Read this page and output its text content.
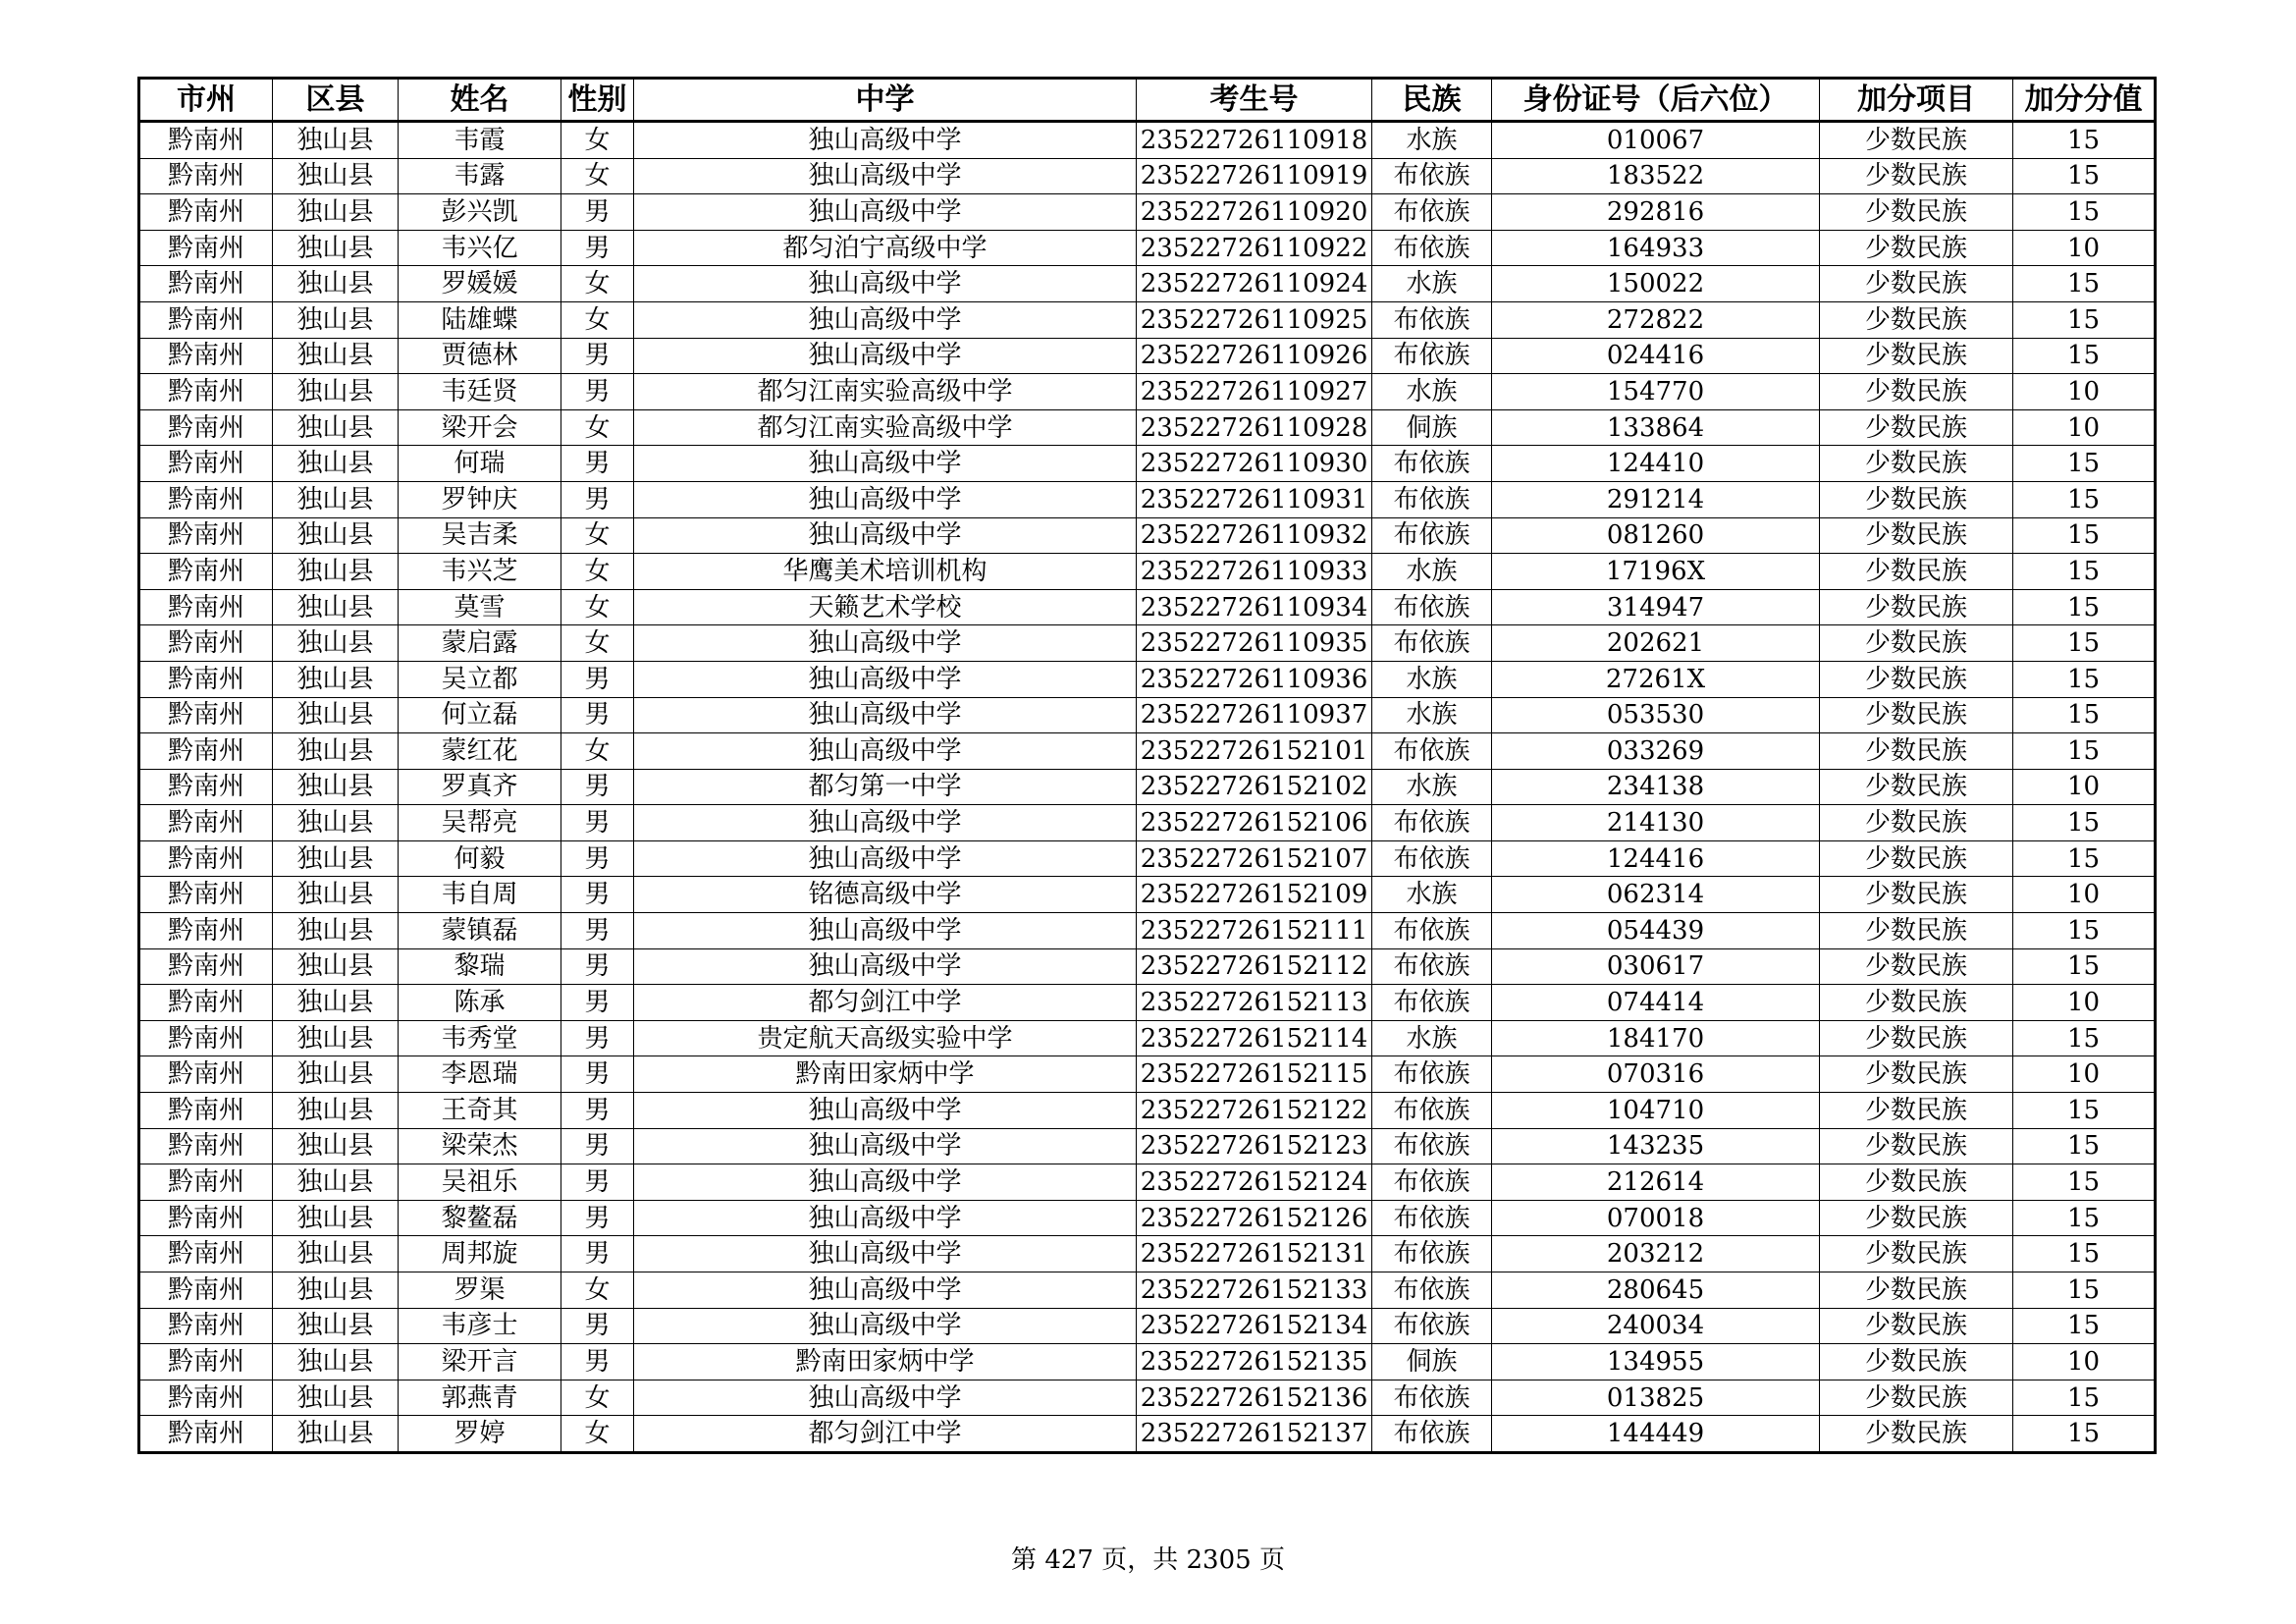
市州	区县	姓名	性别	中学	考生号	民族	身份证号（后六位）	加分项目	加分分值
黔南州	独山县	韦霞	女	独山高级中学	23522726110918	水族	010067	少数民族	15
黔南州	独山县	韦露	女	独山高级中学	23522726110919	布依族	183522	少数民族	15
黔南州	独山县	彭兴凯	男	独山高级中学	23522726110920	布依族	292816	少数民族	15
黔南州	独山县	韦兴亿	男	都匀泊宁高级中学	23522726110922	布依族	164933	少数民族	10
黔南州	独山县	罗媛媛	女	独山高级中学	23522726110924	水族	150022	少数民族	15
黔南州	独山县	陆雄蝶	女	独山高级中学	23522726110925	布依族	272822	少数民族	15
黔南州	独山县	贾德林	男	独山高级中学	23522726110926	布依族	024416	少数民族	15
黔南州	独山县	韦廷贤	男	都匀江南实验高级中学	23522726110927	水族	154770	少数民族	10
黔南州	独山县	梁开会	女	都匀江南实验高级中学	23522726110928	侗族	133864	少数民族	10
黔南州	独山县	何瑞	男	独山高级中学	23522726110930	布依族	124410	少数民族	15
黔南州	独山县	罗钟庆	男	独山高级中学	23522726110931	布依族	291214	少数民族	15
黔南州	独山县	吴吉柔	女	独山高级中学	23522726110932	布依族	081260	少数民族	15
黔南州	独山县	韦兴芝	女	华鹰美术培训机构	23522726110933	水族	17196X	少数民族	15
黔南州	独山县	莫雪	女	天籁艺术学校	23522726110934	布依族	314947	少数民族	15
黔南州	独山县	蒙启露	女	独山高级中学	23522726110935	布依族	202621	少数民族	15
黔南州	独山县	吴立都	男	独山高级中学	23522726110936	水族	27261X	少数民族	15
黔南州	独山县	何立磊	男	独山高级中学	23522726110937	水族	053530	少数民族	15
黔南州	独山县	蒙红花	女	独山高级中学	23522726152101	布依族	033269	少数民族	15
黔南州	独山县	罗真齐	男	都匀第一中学	23522726152102	水族	234138	少数民族	10
黔南州	独山县	吴帮亮	男	独山高级中学	23522726152106	布依族	214130	少数民族	15
黔南州	独山县	何毅	男	独山高级中学	23522726152107	布依族	124416	少数民族	15
黔南州	独山县	韦自周	男	铭德高级中学	23522726152109	水族	062314	少数民族	10
黔南州	独山县	蒙镇磊	男	独山高级中学	23522726152111	布依族	054439	少数民族	15
黔南州	独山县	黎瑞	男	独山高级中学	23522726152112	布依族	030617	少数民族	15
黔南州	独山县	陈承	男	都匀剑江中学	23522726152113	布依族	074414	少数民族	10
黔南州	独山县	韦秀堂	男	贵定航天高级实验中学	23522726152114	水族	184170	少数民族	15
黔南州	独山县	李恩瑞	男	黔南田家炳中学	23522726152115	布依族	070316	少数民族	10
黔南州	独山县	王奇其	男	独山高级中学	23522726152122	布依族	104710	少数民族	15
黔南州	独山县	梁荣杰	男	独山高级中学	23522726152123	布依族	143235	少数民族	15
黔南州	独山县	吴祖乐	男	独山高级中学	23522726152124	布依族	212614	少数民族	15
黔南州	独山县	黎鳌磊	男	独山高级中学	23522726152126	布依族	070018	少数民族	15
黔南州	独山县	周邦旋	男	独山高级中学	23522726152131	布依族	203212	少数民族	15
黔南州	独山县	罗渠	女	独山高级中学	23522726152133	布依族	280645	少数民族	15
黔南州	独山县	韦彦士	男	独山高级中学	23522726152134	布依族	240034	少数民族	15
黔南州	独山县	梁开言	男	黔南田家炳中学	23522726152135	侗族	134955	少数民族	10
黔南州	独山县	郭燕青	女	独山高级中学	23522726152136	布依族	013825	少数民族	15
黔南州	独山县	罗婷	女	都匀剑江中学	23522726152137	布依族	144449	少数民族	15
第 427 页，共 2305 页
